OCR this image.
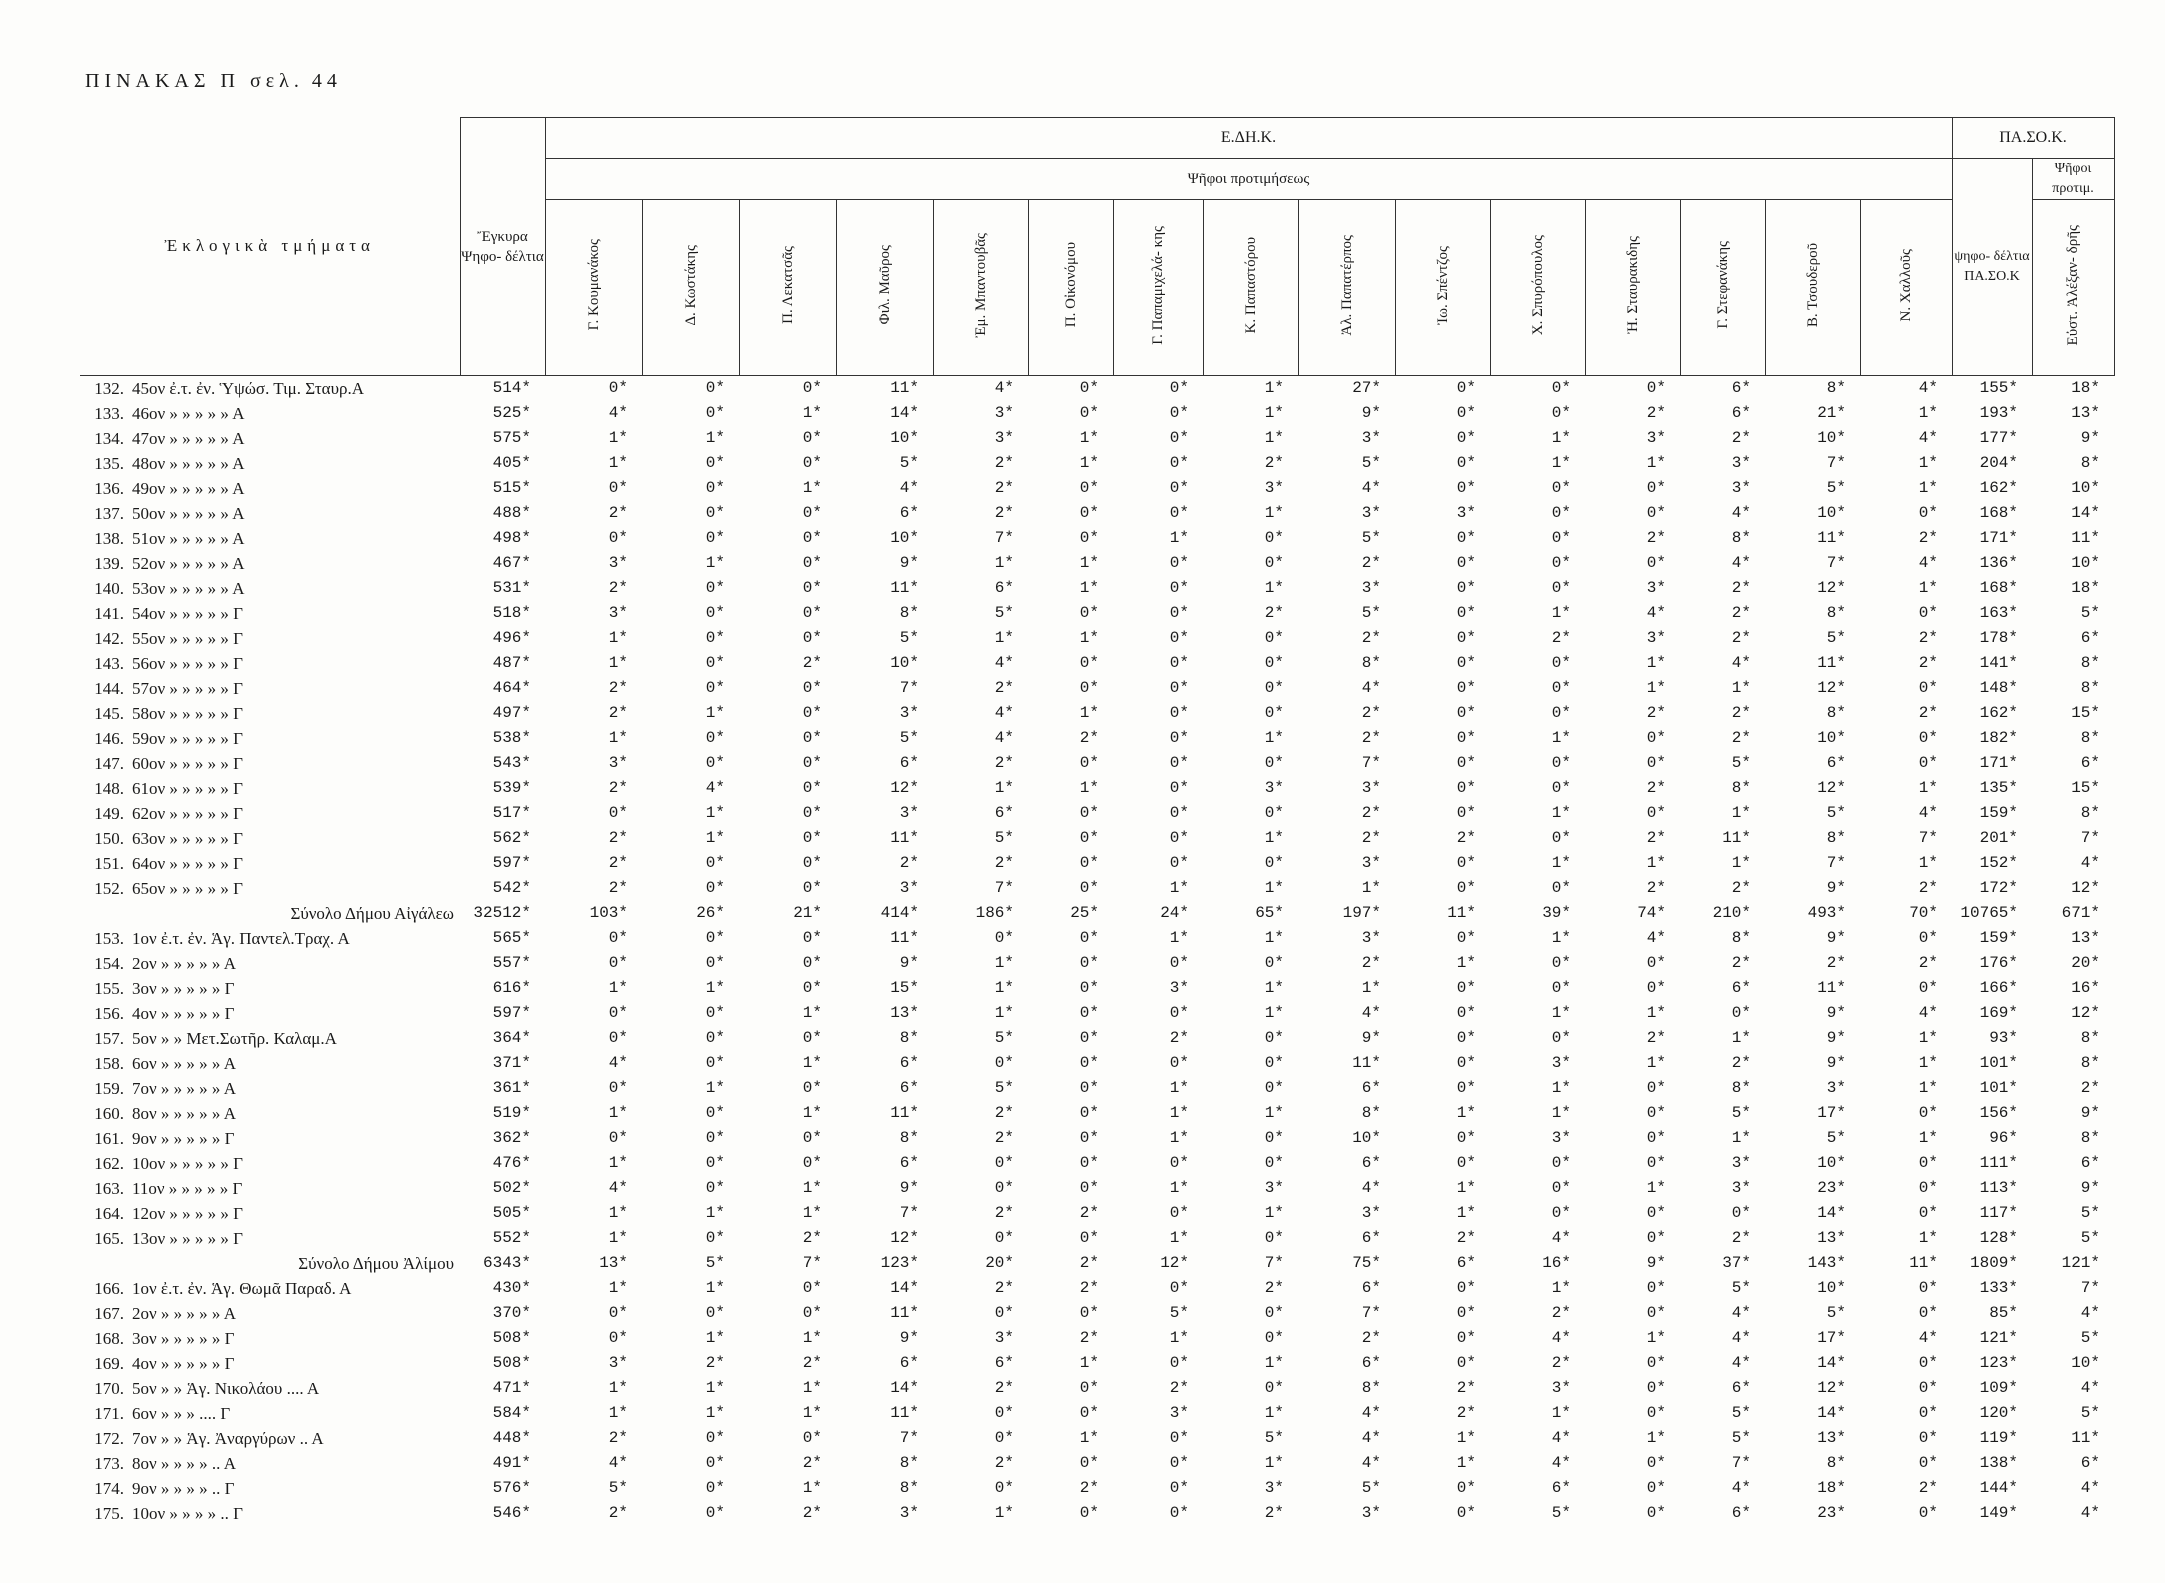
ΠΙΝΑΚΑΣ Π σελ. 44
Ἐκλογικὰ τμήματα	Ἔγκυρα Ψηφο- δέλτια	Ε.ΔΗ.Κ.															ΠΑ.ΣΟ.Κ.	
		Ψῆφοι προτιμήσεως															ψηφο- δέλτια ΠΑ.ΣΟ.Κ	Ψῆφοι προτιμ.
		Γ. Κουμανάκος	Δ. Κωστάκης	Π. Λεκατσᾶς	Φιλ. Μαῦρος	Ἐμ. Μπαντουβᾶς	Π. Οἰκονόμου	Γ. Παπαμιχελά- κης	Κ. Παπαστόρου	Ἀλ. Παπατέρπος	Ἰω. Σπέντζος	Χ. Σπυρόπουλος	Ἠ. Σταυρακιδης	Γ. Στεφανάκης	Β. Τσουδεροῦ	Ν. Χαλλοῦς		Εὐστ. Ἀλέξαν- δρῆς
132. 45ον ἐ.τ. ἐν. Ὑψώσ. Τιμ. Σταυρ.Α	514*	0*	0*	0*	11*	4*	0*	0*	1*	27*	0*	0*	0*	6*	8*	4*	155*	18*
133. 46ον » » » » » Α	525*	4*	0*	1*	14*	3*	0*	0*	1*	9*	0*	0*	2*	6*	21*	1*	193*	13*
134. 47ον » » » » » Α	575*	1*	1*	0*	10*	3*	1*	0*	1*	3*	0*	1*	3*	2*	10*	4*	177*	9*
135. 48ον » » » » » Α	405*	1*	0*	0*	5*	2*	1*	0*	2*	5*	0*	1*	1*	3*	7*	1*	204*	8*
136. 49ον » » » » » Α	515*	0*	0*	1*	4*	2*	0*	0*	3*	4*	0*	0*	0*	3*	5*	1*	162*	10*
137. 50ον » » » » » Α	488*	2*	0*	0*	6*	2*	0*	0*	1*	3*	3*	0*	0*	4*	10*	0*	168*	14*
138. 51ον » » » » » Α	498*	0*	0*	0*	10*	7*	0*	1*	0*	5*	0*	0*	2*	8*	11*	2*	171*	11*
139. 52ον » » » » » Α	467*	3*	1*	0*	9*	1*	1*	0*	0*	2*	0*	0*	0*	4*	7*	4*	136*	10*
140. 53ον » » » » » Α	531*	2*	0*	0*	11*	6*	1*	0*	1*	3*	0*	0*	3*	2*	12*	1*	168*	18*
141. 54ον » » » » » Γ	518*	3*	0*	0*	8*	5*	0*	0*	2*	5*	0*	1*	4*	2*	8*	0*	163*	5*
142. 55ον » » » » » Γ	496*	1*	0*	0*	5*	1*	1*	0*	0*	2*	0*	2*	3*	2*	5*	2*	178*	6*
143. 56ον » » » » » Γ	487*	1*	0*	2*	10*	4*	0*	0*	0*	8*	0*	0*	1*	4*	11*	2*	141*	8*
144. 57ον » » » » » Γ	464*	2*	0*	0*	7*	2*	0*	0*	0*	4*	0*	0*	1*	1*	12*	0*	148*	8*
145. 58ον » » » » » Γ	497*	2*	1*	0*	3*	4*	1*	0*	0*	2*	0*	0*	2*	2*	8*	2*	162*	15*
146. 59ον » » » » » Γ	538*	1*	0*	0*	5*	4*	2*	0*	1*	2*	0*	1*	0*	2*	10*	0*	182*	8*
147. 60ον » » » » » Γ	543*	3*	0*	0*	6*	2*	0*	0*	0*	7*	0*	0*	0*	5*	6*	0*	171*	6*
148. 61ον » » » » » Γ	539*	2*	4*	0*	12*	1*	1*	0*	3*	3*	0*	0*	2*	8*	12*	1*	135*	15*
149. 62ον » » » » » Γ	517*	0*	1*	0*	3*	6*	0*	0*	0*	2*	0*	1*	0*	1*	5*	4*	159*	8*
150. 63ον » » » » » Γ	562*	2*	1*	0*	11*	5*	0*	0*	1*	2*	2*	0*	2*	11*	8*	7*	201*	7*
151. 64ον » » » » » Γ	597*	2*	0*	0*	2*	2*	0*	0*	0*	3*	0*	1*	1*	1*	7*	1*	152*	4*
152. 65ον » » » » » Γ	542*	2*	0*	0*	3*	7*	0*	1*	1*	1*	0*	0*	2*	2*	9*	2*	172*	12*
Σύνολο Δήμου Αἰγάλεω	32512*	103*	26*	21*	414*	186*	25*	24*	65*	197*	11*	39*	74*	210*	493*	70*	10765*	671*
153. 1ον ἐ.τ. ἐν. Ἁγ. Παντελ.Τραχ. Α	565*	0*	0*	0*	11*	0*	0*	1*	1*	3*	0*	1*	4*	8*	9*	0*	159*	13*
154. 2ον » » » » » Α	557*	0*	0*	0*	9*	1*	0*	0*	0*	2*	1*	0*	0*	2*	2*	2*	176*	20*
155. 3ον » » » » » Γ	616*	1*	1*	0*	15*	1*	0*	3*	1*	1*	0*	0*	0*	6*	11*	0*	166*	16*
156. 4ον » » » » » Γ	597*	0*	0*	1*	13*	1*	0*	0*	1*	4*	0*	1*	1*	0*	9*	4*	169*	12*
157. 5ον » » Μετ.Σωτῆρ. Καλαμ.Α	364*	0*	0*	0*	8*	5*	0*	2*	0*	9*	0*	0*	2*	1*	9*	1*	93*	8*
158. 6ον » » » » » Α	371*	4*	0*	1*	6*	0*	0*	0*	0*	11*	0*	3*	1*	2*	9*	1*	101*	8*
159. 7ον » » » » » Α	361*	0*	1*	0*	6*	5*	0*	1*	0*	6*	0*	1*	0*	8*	3*	1*	101*	2*
160. 8ον » » » » » Α	519*	1*	0*	1*	11*	2*	0*	1*	1*	8*	1*	1*	0*	5*	17*	0*	156*	9*
161. 9ον » » » » » Γ	362*	0*	0*	0*	8*	2*	0*	1*	0*	10*	0*	3*	0*	1*	5*	1*	96*	8*
162. 10ον » » » » » Γ	476*	1*	0*	0*	6*	0*	0*	0*	0*	6*	0*	0*	0*	3*	10*	0*	111*	6*
163. 11ον » » » » » Γ	502*	4*	0*	1*	9*	0*	0*	1*	3*	4*	1*	0*	1*	3*	23*	0*	113*	9*
164. 12ον » » » » » Γ	505*	1*	1*	1*	7*	2*	2*	0*	1*	3*	1*	0*	0*	0*	14*	0*	117*	5*
165. 13ον » » » » » Γ	552*	1*	0*	2*	12*	0*	0*	1*	0*	6*	2*	4*	0*	2*	13*	1*	128*	5*
Σύνολο Δήμου Ἀλίμου	6343*	13*	5*	7*	123*	20*	2*	12*	7*	75*	6*	16*	9*	37*	143*	11*	1809*	121*
166. 1ον ἐ.τ. ἐν. Ἁγ. Θωμᾶ Παραδ. Α	430*	1*	1*	0*	14*	2*	2*	0*	2*	6*	0*	1*	0*	5*	10*	0*	133*	7*
167. 2ον » » » » » Α	370*	0*	0*	0*	11*	0*	0*	5*	0*	7*	0*	2*	0*	4*	5*	0*	85*	4*
168. 3ον » » » » » Γ	508*	0*	1*	1*	9*	3*	2*	1*	0*	2*	0*	4*	1*	4*	17*	4*	121*	5*
169. 4ον » » » » » Γ	508*	3*	2*	2*	6*	6*	1*	0*	1*	6*	0*	2*	0*	4*	14*	0*	123*	10*
170. 5ον » » Ἁγ. Νικολάου .... Α	471*	1*	1*	1*	14*	2*	0*	2*	0*	8*	2*	3*	0*	6*	12*	0*	109*	4*
171. 6ον » » » .... Γ	584*	1*	1*	1*	11*	0*	0*	3*	1*	4*	2*	1*	0*	5*	14*	0*	120*	5*
172. 7ον » » Ἁγ. Ἀναργύρων .. Α	448*	2*	0*	0*	7*	0*	1*	0*	5*	4*	1*	4*	1*	5*	13*	0*	119*	11*
173. 8ον » » » » .. Α	491*	4*	0*	2*	8*	2*	0*	0*	1*	4*	1*	4*	0*	7*	8*	0*	138*	6*
174. 9ον » » » » .. Γ	576*	5*	0*	1*	8*	0*	2*	0*	3*	5*	0*	6*	0*	4*	18*	2*	144*	4*
175. 10ον » » » » .. Γ	546*	2*	0*	2*	3*	1*	0*	0*	2*	3*	0*	5*	0*	6*	23*	0*	149*	4*
